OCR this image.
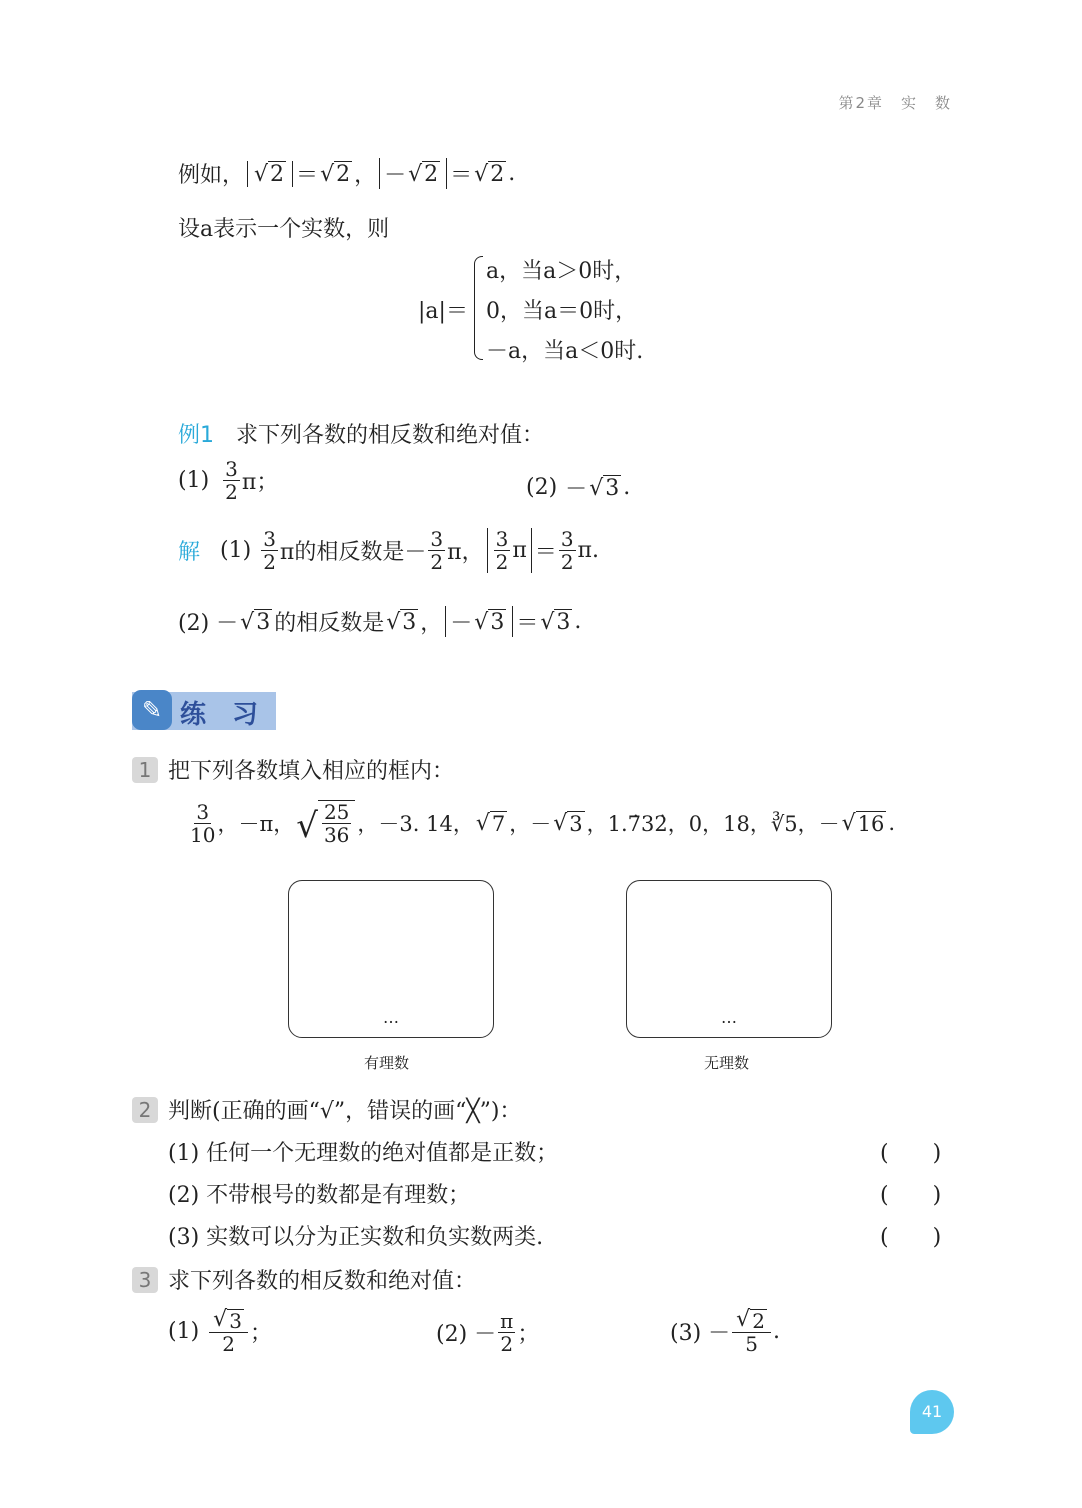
第2章　实　数
例如， √ 2 ＝ √ 2 ， － √ 2 ＝ √ 2 .
设a表示一个实数，则
|a|＝
a，当a＞0时，
0，当a＝0时，
－a，当a＜0时.
例1 求下列各数的相反数和绝对值：
$(1) \frac{3}{2}$ π；	(2) － √ 3 .
解 $(1) \frac{3}{2}$ π的相反数是－ $\frac{3}{2}$ π， $\frac{3}{2}$ $\pi = \frac{3}{2} \pi$.
(2) － √ 3 的相反数是 √ 3 ， － √ 3 ＝ √ 3 .
✎ 练　习
1 把下列各数填入相应的框内：
$\frac{3}{10}$ ，－π， √ $\frac{25}{36}$ ，－3. 14， √ 7 ，－ √ 3 ，1.7̇32̇，0，18，∛5，－ √ 16 .
…	…
有理数	无理数
2 判断(正确的画“√”，错误的画“╳”)：
(1) 任何一个无理数的绝对值都是正数；	(　　)
(2) 不带根号的数都是有理数；	(　　)
(3) 实数可以分为正实数和负实数两类.	(　　)
3 求下列各数的相反数和绝对值：
$(1) \frac{√ 3}{2}$ ；	$(2) - \frac{\pi}{2}$ ；	$(3) - \frac{√ 2}{5}$ .
41
